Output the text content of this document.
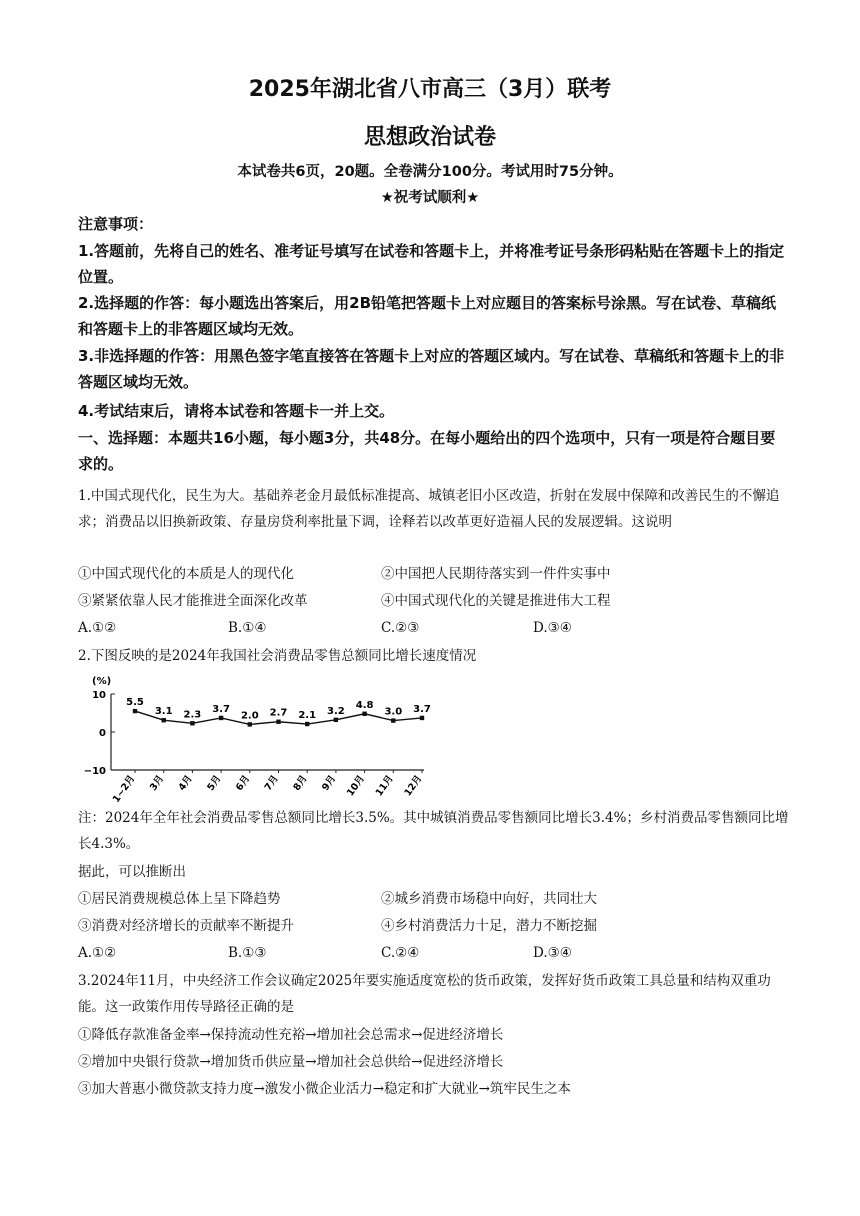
2025年湖北省八市高三（3月）联考
思想政治试卷
本试卷共6页，20题。全卷满分100分。考试用时75分钟。
★祝考试顺利★
注意事项：
1.答题前，先将自己的姓名、准考证号填写在试卷和答题卡上，并将准考证号条形码粘贴在答题卡上的指定位置。
2.选择题的作答：每小题选出答案后，用2B铅笔把答题卡上对应题目的答案标号涂黑。写在试卷、草稿纸和答题卡上的非答题区域均无效。
3.非选择题的作答：用黑色签字笔直接答在答题卡上对应的答题区域内。写在试卷、草稿纸和答题卡上的非答题区域均无效。
4.考试结束后，请将本试卷和答题卡一并上交。
一、选择题：本题共16小题，每小题3分，共48分。在每小题给出的四个选项中，只有一项是符合题目要求的。
1.中国式现代化，民生为大。基础养老金月最低标准提高、城镇老旧小区改造，折射在发展中保障和改善民生的不懈追求；消费品以旧换新政策、存量房贷利率批量下调，诠释若以改革更好造福人民的发展逻辑。这说明
①中国式现代化的本质是人的现代化	②中国把人民期待落实到一件件实事中
③紧紧依靠人民才能推进全面深化改革	④中国式现代化的关键是推进伟大工程
A.①②	B.①④	C.②③	D.③④
2.下图反映的是2024年我国社会消费品零售总额同比增长速度情况
(%)
10
0
−10
5.5
1~2月
3.1
3月
2.3
4月
3.7
5月
2.0
6月
2.7
7月
2.1
8月
3.2
9月
4.8
10月
3.0
11月
3.7
12月
注：2024年全年社会消费品零售总额同比增长3.5%。其中城镇消费品零售额同比增长3.4%；乡村消费品零售额同比增长4.3%。
据此，可以推断出
①居民消费规模总体上呈下降趋势	②城乡消费市场稳中向好，共同壮大
③消费对经济增长的贡献率不断提升	④乡村消费活力十足，潜力不断挖掘
A.①②	B.①③	C.②④	D.③④
3.2024年11月，中央经济工作会议确定2025年要实施适度宽松的货币政策，发挥好货币政策工具总量和结构双重功能。这一政策作用传导路径正确的是
①降低存款准备金率→保持流动性充裕→增加社会总需求→促进经济增长
②增加中央银行贷款→增加货币供应量→增加社会总供给→促进经济增长
③加大普惠小微贷款支持力度→激发小微企业活力→稳定和扩大就业→筑牢民生之本
